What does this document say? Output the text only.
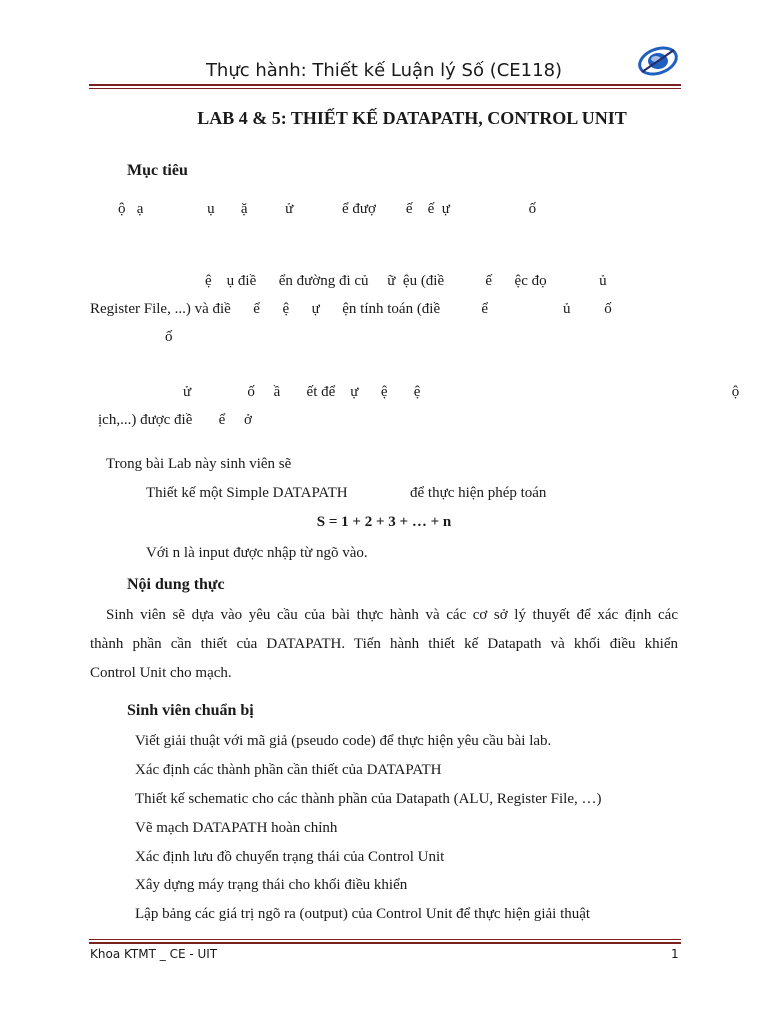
Thực hành: Thiết kế Luận lý Số (CE118)
LAB 4 & 5: THIẾT KẾ DATAPATH, CONTROL UNIT
Mục tiêu
ộ   ạ                 ụ       ặ          ử             ể đượ        ế    ế  ự                     ố
ệ    ụ điề      ển đường đi củ     ữ  ệu (điề           ế      ệc đọ              ủ
Register File, ...) và điề      ể      ệ      ự      ện tính toán (điề           ể                    ủ         ố
ố
ử               ố     ầ       ết để    ự      ệ       ệ                                                                                   ộ
ịch,...) được điề       ể     ở
Trong bài Lab này sinh viên sẽ
Thiết kế một Simple DATAPATH	để thực hiện phép toán
S = 1 + 2 + 3 + … + n
Với n là input được nhập từ ngõ vào.
Nội dung thực
Sinh viên sẽ dựa vào yêu cầu của bài thực hành và các cơ sở lý thuyết để xác định các
thành phần cần thiết của DATAPATH. Tiến hành thiết kế Datapath và khối điều khiển
Control Unit cho mạch.
Sinh viên chuẩn bị
Viết giải thuật với mã giả (pseudo code) để thực hiện yêu cầu bài lab.
Xác định các thành phần cần thiết của DATAPATH
Thiết kế schematic cho các thành phần của Datapath (ALU, Register File, …)
Vẽ mạch DATAPATH hoàn chỉnh
Xác định lưu đồ chuyển trạng thái của Control Unit
Xây dựng máy trạng thái cho khối điều khiển
Lập bảng các giá trị ngõ ra (output) của Control Unit để thực hiện giải thuật
Khoa KTMT _ CE - UIT	1
